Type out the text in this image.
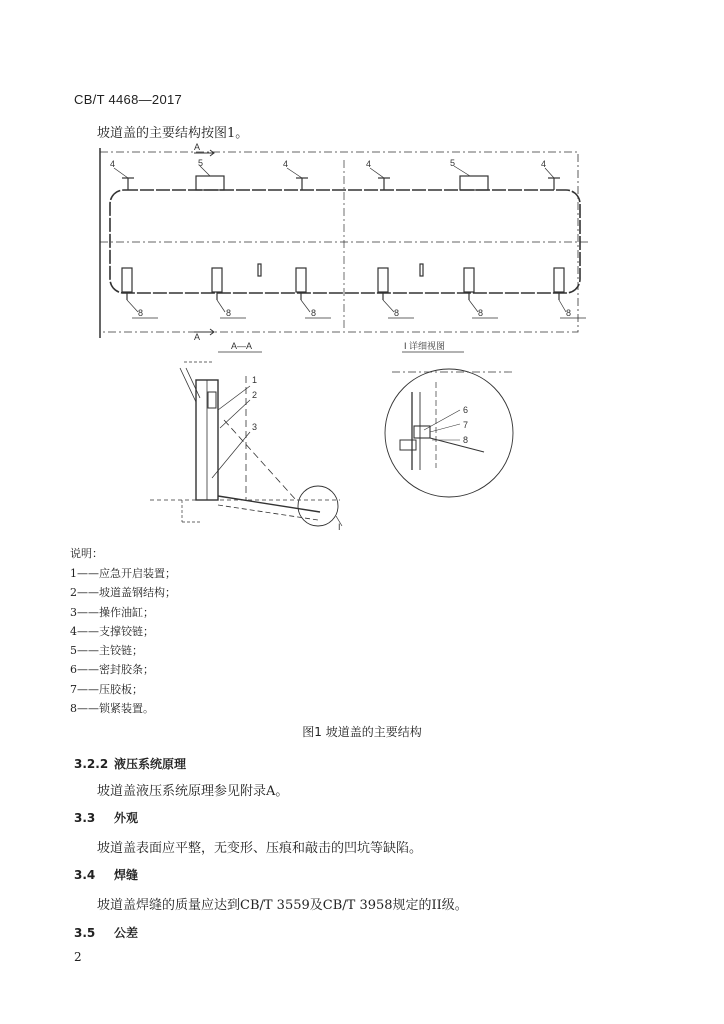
CB/T 4468—2017
坡道盖的主要结构按图1。
A
A
4	5	4	4	5	4
8	8	8	8	8	8
A—A
1
2
3
I
I 详细视图
6
7
8
说明：
1——应急开启装置；
2——坡道盖钢结构；
3——操作油缸；
4——支撑铰链；
5——主铰链；
6——密封胶条；
7——压胶板；
8——锁紧装置。
图1 坡道盖的主要结构
3.2.2 液压系统原理
坡道盖液压系统原理参见附录A。
3.3 外观
坡道盖表面应平整，无变形、压痕和敲击的凹坑等缺陷。
3.4 焊缝
坡道盖焊缝的质量应达到CB/T 3559及CB/T 3958规定的II级。
3.5 公差
2
